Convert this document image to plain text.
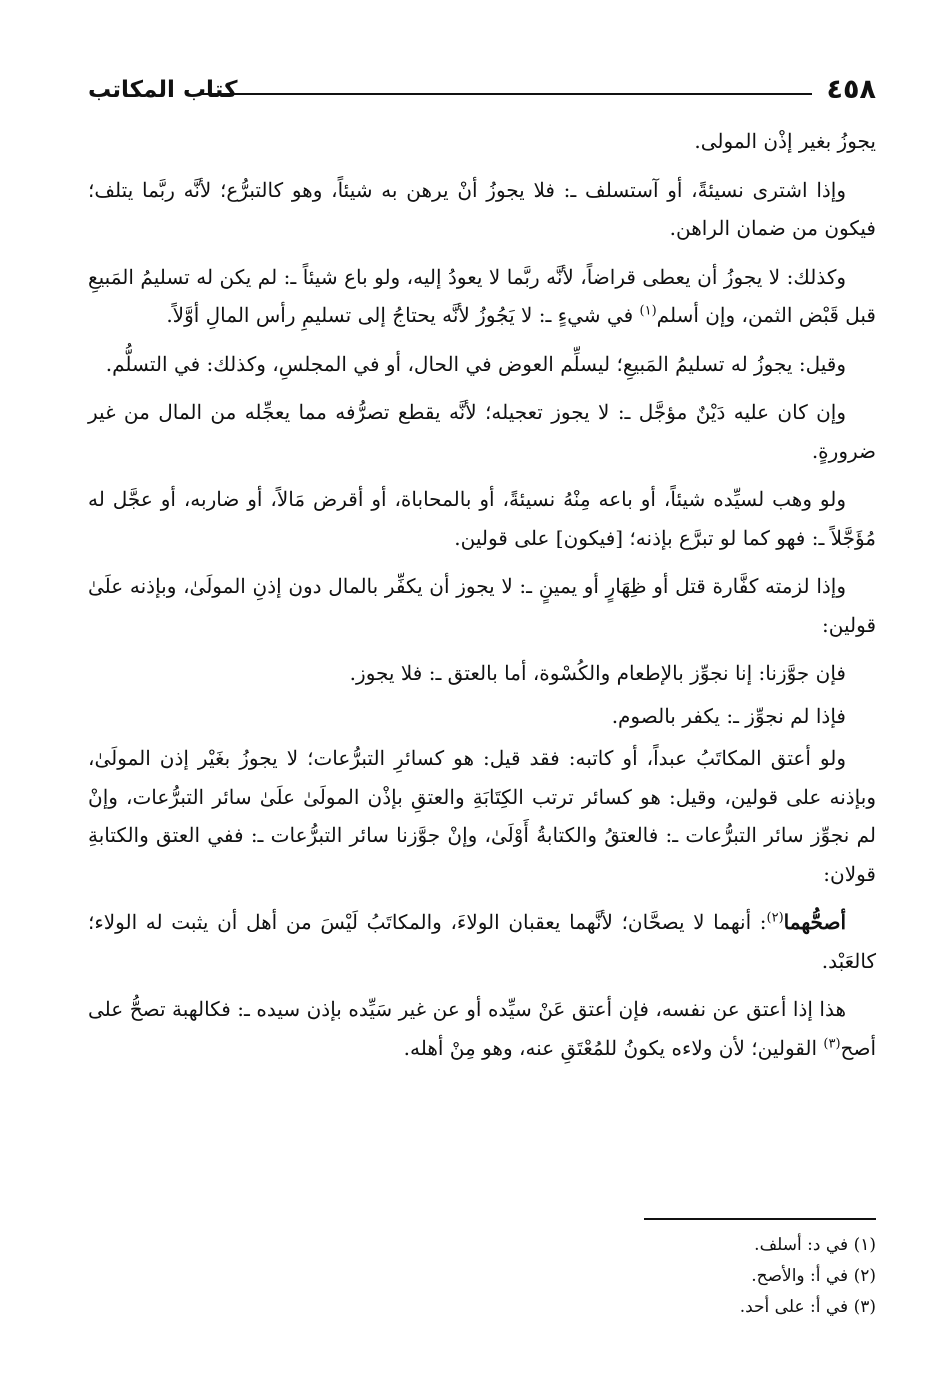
٤٥٨
كتاب المكاتب

يجوزُ بغير إذْن المولى.

وإذا اشترى نسيئةً، أو آستسلف ـ: فلا يجوزُ أنْ يرهن به شيئاً، وهو كالتبرُّع؛ لأنَّه ربَّما يتلف؛ فيكون من ضمان الراهن.

وكذلك: لا يجوزُ أن يعطى قراضاً، لأنَّه ربَّما لا يعودُ إليه، ولو باع شيئاً ـ: لم يكن له تسليمُ المَبيعِ قبل قَبْض الثمن، وإن أسلم$^{(١)}$ في شيءٍ ـ: لا يَجُوزُ لأنَّه يحتاجُ إلى تسليمِ رأس المالِ أوَّلاً.

وقيل: يجوزُ له تسليمُ المَبيعِ؛ ليسلِّم العوض في الحال، أو في المجلسِ، وكذلك: في التسلُّم.

وإن كان عليه دَيْنٌ مؤجَّل ـ: لا يجوز تعجيله؛ لأنَّه يقطع تصرُّفه مما يعجِّله من المال من غير ضرورةٍ.

ولو وهب لسيِّده شيئاً، أو باعه مِنْهُ نسيئةً، أو بالمحاباة، أو أقرض مَالاً، أو ضاربه، أو عجَّل له مُؤَجَّلاً ـ: فهو كما لو تبرَّع بإذنه؛ [فيكون] على قولين.

وإذا لزمته كفَّارة قتل أو ظِهَارٍ أو يمينٍ ـ: لا يجوز أن يكفِّر بالمال دون إذنِ المولَىٰ، وبإذنه علَىٰ قولين:

فإن جوَّزنا: إنا نجوِّز بالإطعام والكُسْوة، أما بالعتق ـ: فلا يجوز.

فإذا لم نجوِّز ـ: يكفر بالصوم.

ولو أعتق المكاتَبُ عبداً، أو كاتبه: فقد قيل: هو كسائرِ التبرُّعات؛ لا يجوزُ بغَيْر إذن المولَىٰ، وبإذنه على قولين، وقيل: هو كسائر ترتب الكِتَابَةِ والعتقِ بإذْن المولَىٰ علَىٰ سائر التبرُّعات، وإنْ لم نجوِّز سائر التبرُّعات ـ: فالعتقُ والكتابةُ أَوْلَىٰ، وإنْ جوَّزنا سائر التبرُّعات ـ: ففي العتق والكتابةِ قولان:

أصحُّهما$^{(٢)}$: أنهما لا يصحَّان؛ لأنَّهما يعقبان الولاءَ، والمكاتَبُ لَيْسَ من أهل أن يثبت له الولاء؛ كالعَبْد.

هذا إذا أعتق عن نفسه، فإن أعتق عَنْ سيِّده أو عن غير سَيِّده بإذن سيده ـ: فكالهبة تصحُّ على أصح$^{(٣)}$ القولين؛ لأن ولاءه يكونُ للمُعْتَقِ عنه، وهو مِنْ أهله.

(١) في د: أسلف.
(٢) في أ: والأصح.
(٣) في أ: على أحد.
